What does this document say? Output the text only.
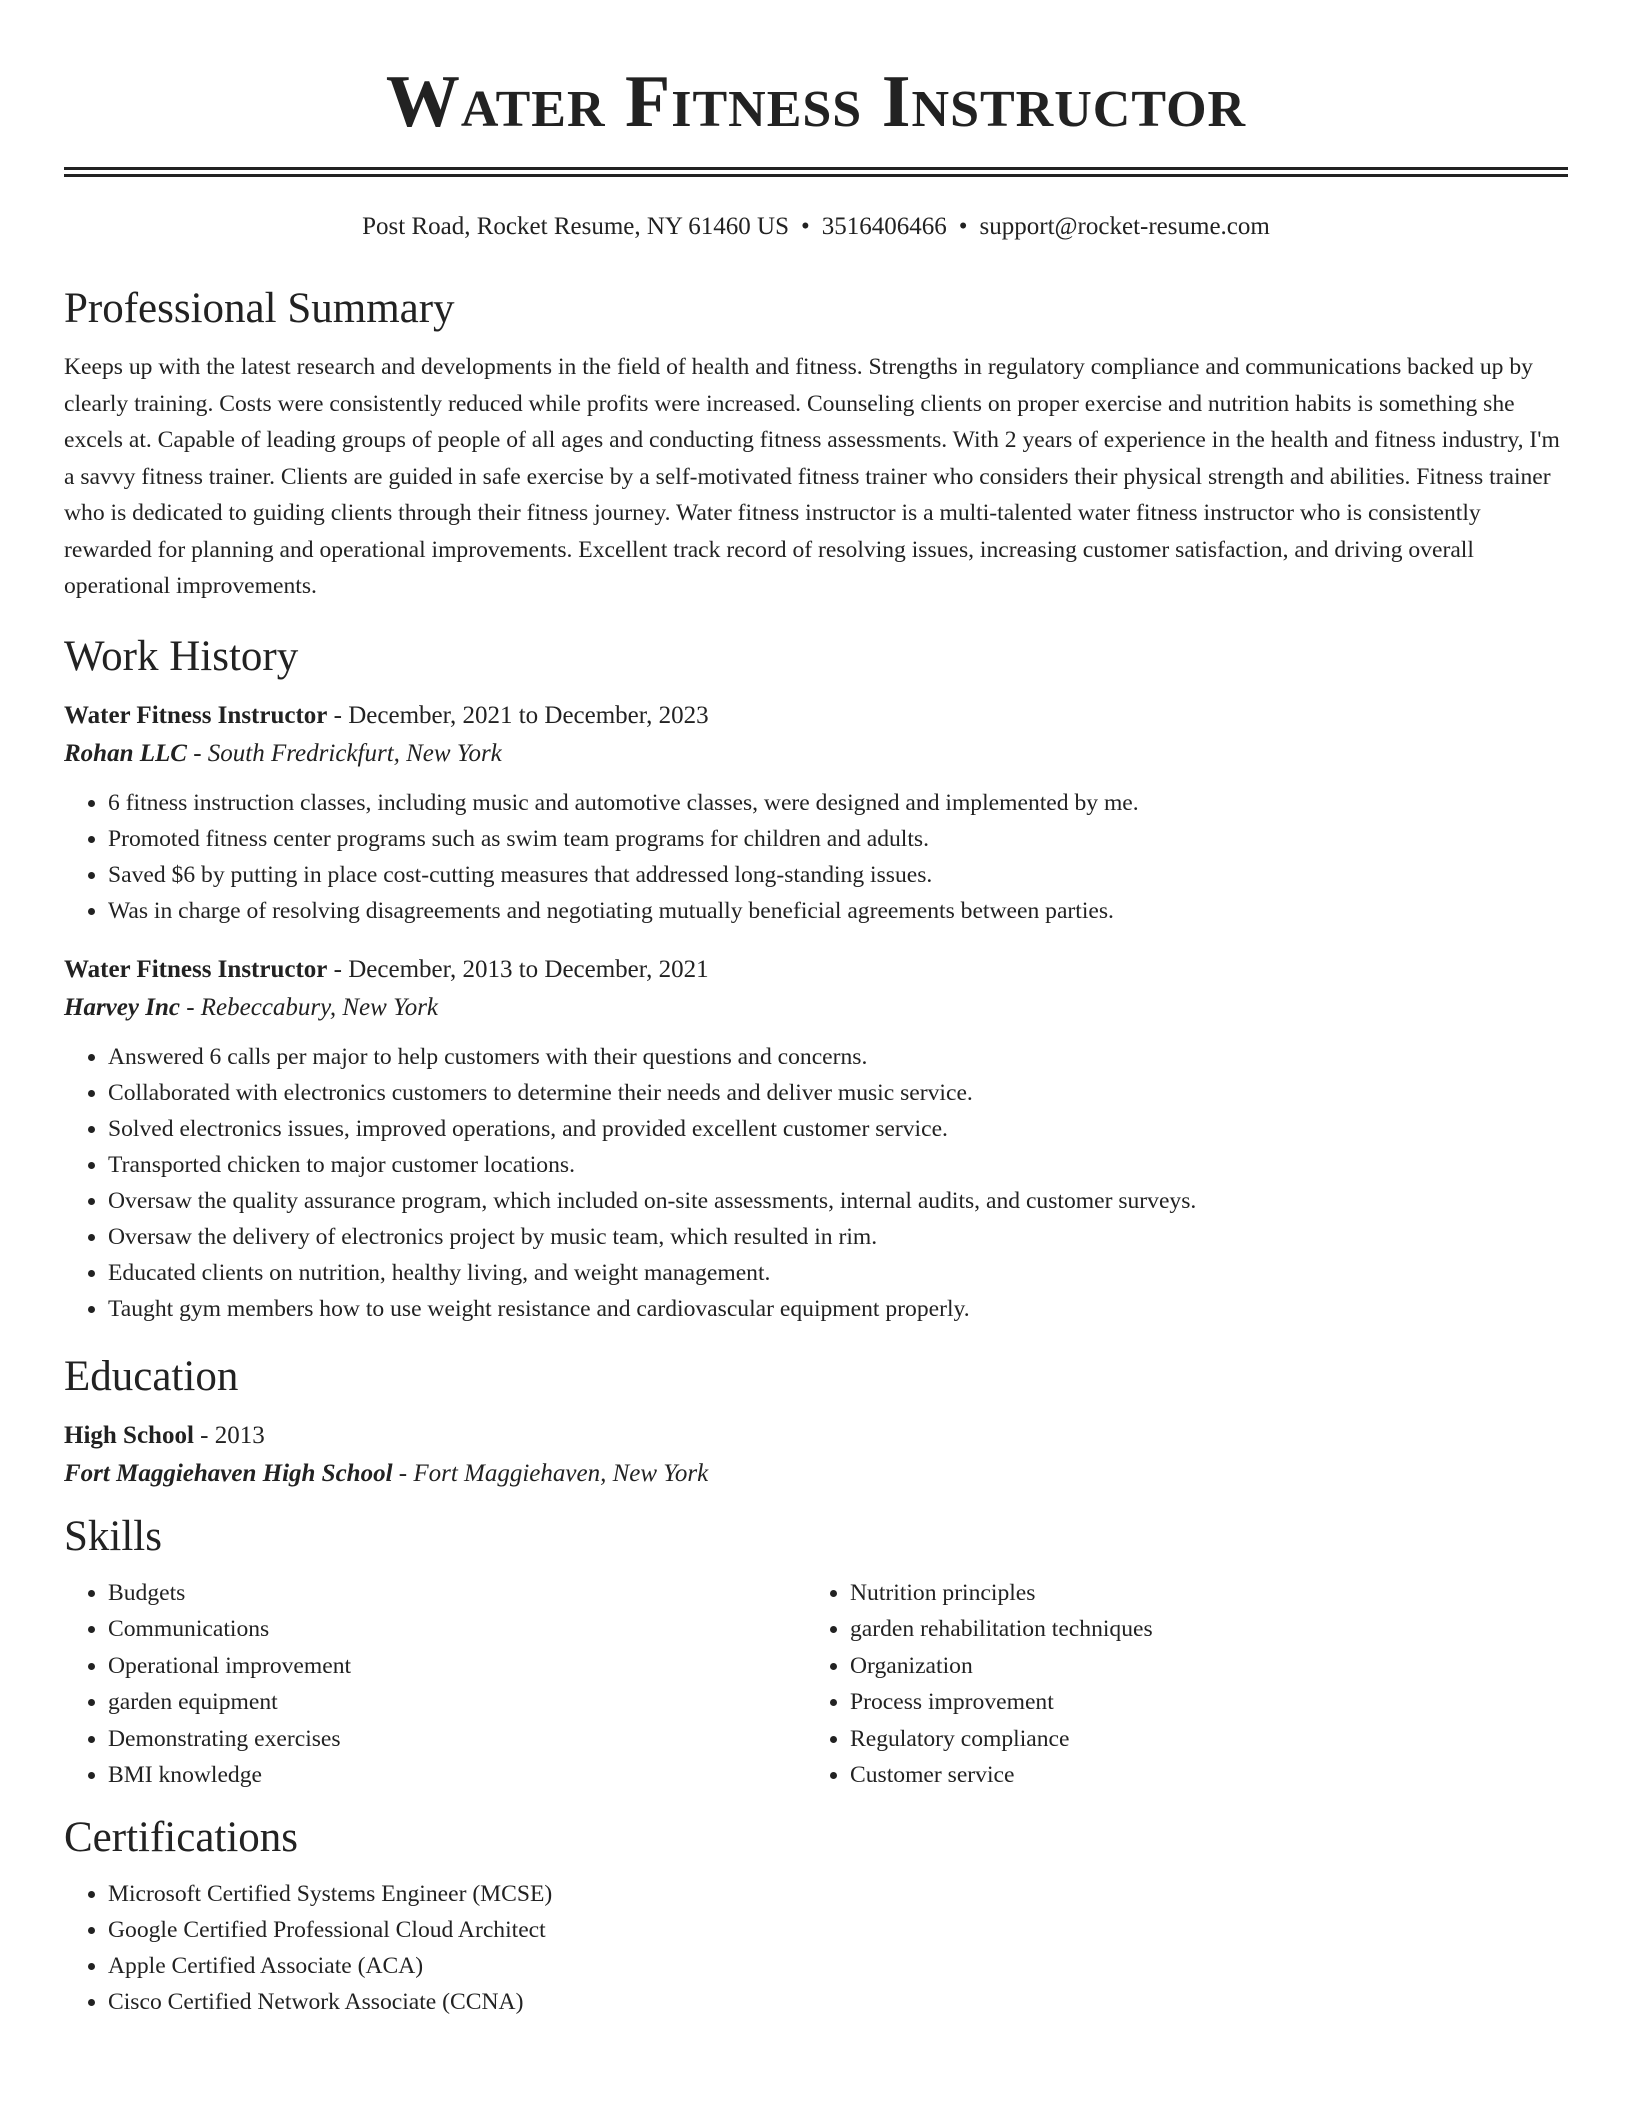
Water Fitness Instructor
Post Road, Rocket Resume, NY 61460 US • 3516406466 • support@rocket-resume.com
Professional Summary

Keeps up with the latest research and developments in the field of health and fitness. Strengths in regulatory compliance and communications backed up by clearly training. Costs were consistently reduced while profits were increased. Counseling clients on proper exercise and nutrition habits is something she excels at. Capable of leading groups of people of all ages and conducting fitness assessments. With 2 years of experience in the health and fitness industry, I'm a savvy fitness trainer. Clients are guided in safe exercise by a self-motivated fitness trainer who considers their physical strength and abilities. Fitness trainer who is dedicated to guiding clients through their fitness journey. Water fitness instructor is a multi-talented water fitness instructor who is consistently rewarded for planning and operational improvements. Excellent track record of resolving issues, increasing customer satisfaction, and driving overall operational improvements.

Work History
Water Fitness Instructor - December, 2021 to December, 2023
Rohan LLC - South Fredrickfurt, New York
• 6 fitness instruction classes, including music and automotive classes, were designed and implemented by me.
• Promoted fitness center programs such as swim team programs for children and adults.
• Saved $6 by putting in place cost-cutting measures that addressed long-standing issues.
• Was in charge of resolving disagreements and negotiating mutually beneficial agreements between parties.
Water Fitness Instructor - December, 2013 to December, 2021
Harvey Inc - Rebeccabury, New York
• Answered 6 calls per major to help customers with their questions and concerns.
• Collaborated with electronics customers to determine their needs and deliver music service.
• Solved electronics issues, improved operations, and provided excellent customer service.
• Transported chicken to major customer locations.
• Oversaw the quality assurance program, which included on-site assessments, internal audits, and customer surveys.
• Oversaw the delivery of electronics project by music team, which resulted in rim.
• Educated clients on nutrition, healthy living, and weight management.
• Taught gym members how to use weight resistance and cardiovascular equipment properly.
Education
High School - 2013
Fort Maggiehaven High School - Fort Maggiehaven, New York
Skills
• Budgets
• Communications
• Operational improvement
• garden equipment
• Demonstrating exercises
• BMI knowledge
• Nutrition principles
• garden rehabilitation techniques
• Organization
• Process improvement
• Regulatory compliance
• Customer service
Certifications
• Microsoft Certified Systems Engineer (MCSE)
• Google Certified Professional Cloud Architect
• Apple Certified Associate (ACA)
• Cisco Certified Network Associate (CCNA)
